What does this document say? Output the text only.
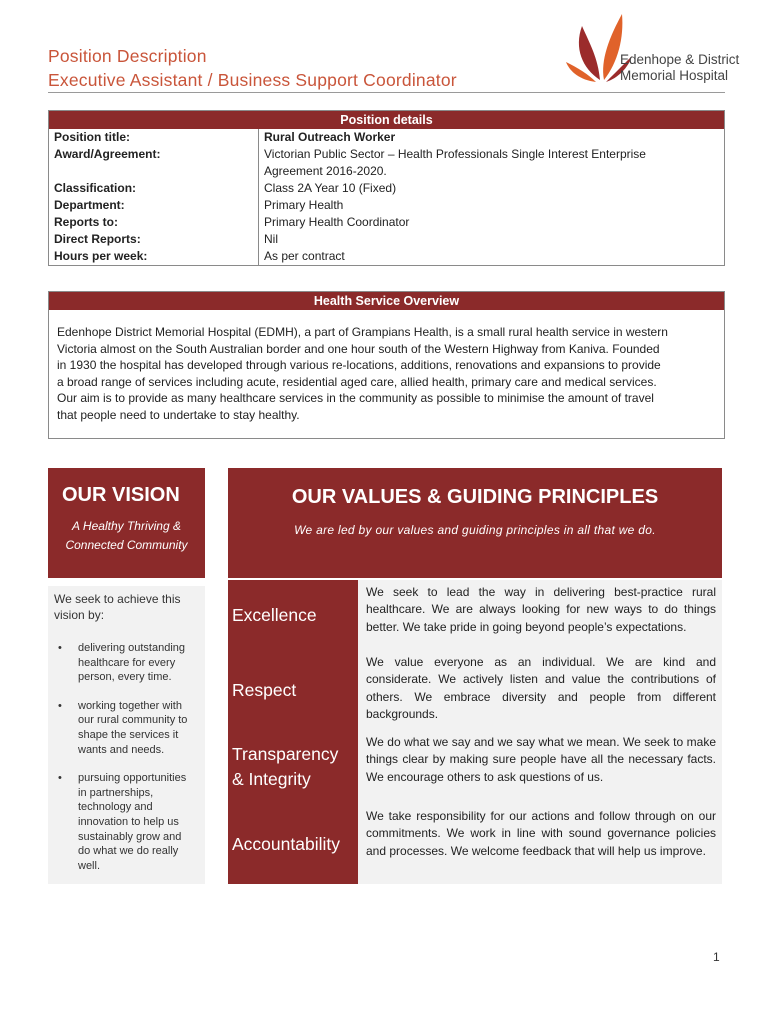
Position Description
Executive Assistant / Business Support Coordinator
Edenhope & District
Memorial Hospital
Position details
Position title:	Rural Outreach Worker
Award/Agreement:	Victorian Public Sector – Health Professionals Single Interest Enterprise
Agreement 2016-2020.
Classification:	Class 2A Year 10 (Fixed)
Department:	Primary Health
Reports to:	Primary Health Coordinator
Direct Reports:	Nil
Hours per week:	As per contract
Health Service Overview
Edenhope District Memorial Hospital (EDMH), a part of Grampians Health, is a small rural health service in western
Victoria almost on the South Australian border and one hour south of the Western Highway from Kaniva. Founded
in 1930 the hospital has developed through various re-locations, additions, renovations and expansions to provide
a broad range of services including acute, residential aged care, allied health, primary care and medical services.
Our aim is to provide as many healthcare services in the community as possible to minimise the amount of travel
that people need to undertake to stay healthy.
OUR VISION
A Healthy Thriving &
Connected Community
We seek to achieve this
vision by:
• delivering outstanding
healthcare for every
person, every time.
• working together with
our rural community to
shape the services it
wants and needs.
• pursuing opportunities
in partnerships,
technology and
innovation to help us
sustainably grow and
do what we do really
well.
OUR VALUES & GUIDING PRINCIPLES
We are led by our values and guiding principles in all that we do.
Excellence
We seek to lead the way in delivering best-practice rural healthcare. We are always looking for new ways to do things better. We take pride in going beyond people’s expectations.
Respect
We value everyone as an individual. We are kind and considerate. We actively listen and value the contributions of others. We embrace diversity and people from different backgrounds.
Transparency
& Integrity
We do what we say and we say what we mean. We seek to make things clear by making sure people have all the necessary facts. We encourage others to ask questions of us.
Accountability
We take responsibility for our actions and follow through on our commitments. We work in line with sound governance policies and processes. We welcome feedback that will help us improve.
1
